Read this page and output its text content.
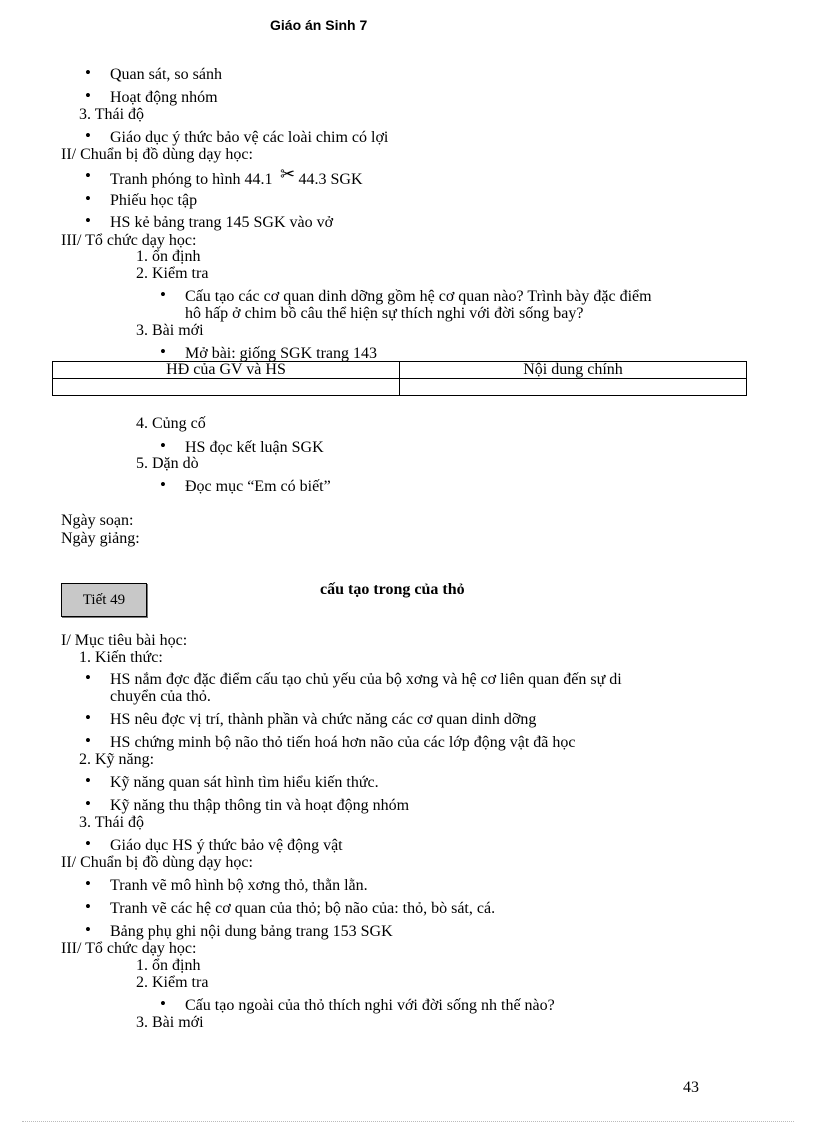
Giáo án Sinh 7
• Quan sát, so sánh
• Hoạt động nhóm
3. Thái độ
• Giáo dục ý thức bảo vệ các loài chim có lợi
II/ Chuẩn bị đồ dùng dạy học:
• Tranh phóng to hình 44.1 ✂ 44.3 SGK
• Phiếu học tập
• HS kẻ bảng trang 145 SGK vào vở
III/ Tổ chức dạy học:
1. ổn định
2. Kiểm tra
• Cấu tạo các cơ quan dinh dỡng gồm hệ cơ quan nào? Trình bày đặc điểm
hô hấp ở chim bồ câu thể hiện sự thích nghi với đời sống bay?
3. Bài mới
• Mở bài: giống SGK trang 143
HĐ của GV và HS	Nội dung chính

4. Củng cố
• HS đọc kết luận SGK
5. Dặn dò
• Đọc mục “Em có biết”
Ngày soạn:
Ngày giảng:
Tiết 49
cấu tạo trong của thỏ
I/ Mục tiêu bài học:
1. Kiến thức:
• HS nắm đợc đặc điểm cấu tạo chủ yếu của bộ xơng và hệ cơ liên quan đến sự di
chuyển của thỏ.
• HS nêu đợc vị trí, thành phần và chức năng các cơ quan dinh dỡng
• HS chứng minh bộ não thỏ tiến hoá hơn não của các lớp động vật đã học
2. Kỹ năng:
• Kỹ năng quan sát hình tìm hiểu kiến thức.
• Kỹ năng thu thập thông tin và hoạt động nhóm
3. Thái độ
• Giáo dục HS ý thức bảo vệ động vật
II/ Chuẩn bị đồ dùng dạy học:
• Tranh vẽ mô hình bộ xơng thỏ, thằn lằn.
• Tranh vẽ các hệ cơ quan của thỏ; bộ não của: thỏ, bò sát, cá.
• Bảng phụ ghi nội dung bảng trang 153 SGK
III/ Tổ chức dạy học:
1. ổn định
2. Kiểm tra
• Cấu tạo ngoài của thỏ thích nghi với đời sống nh thế nào?
3. Bài mới
43
